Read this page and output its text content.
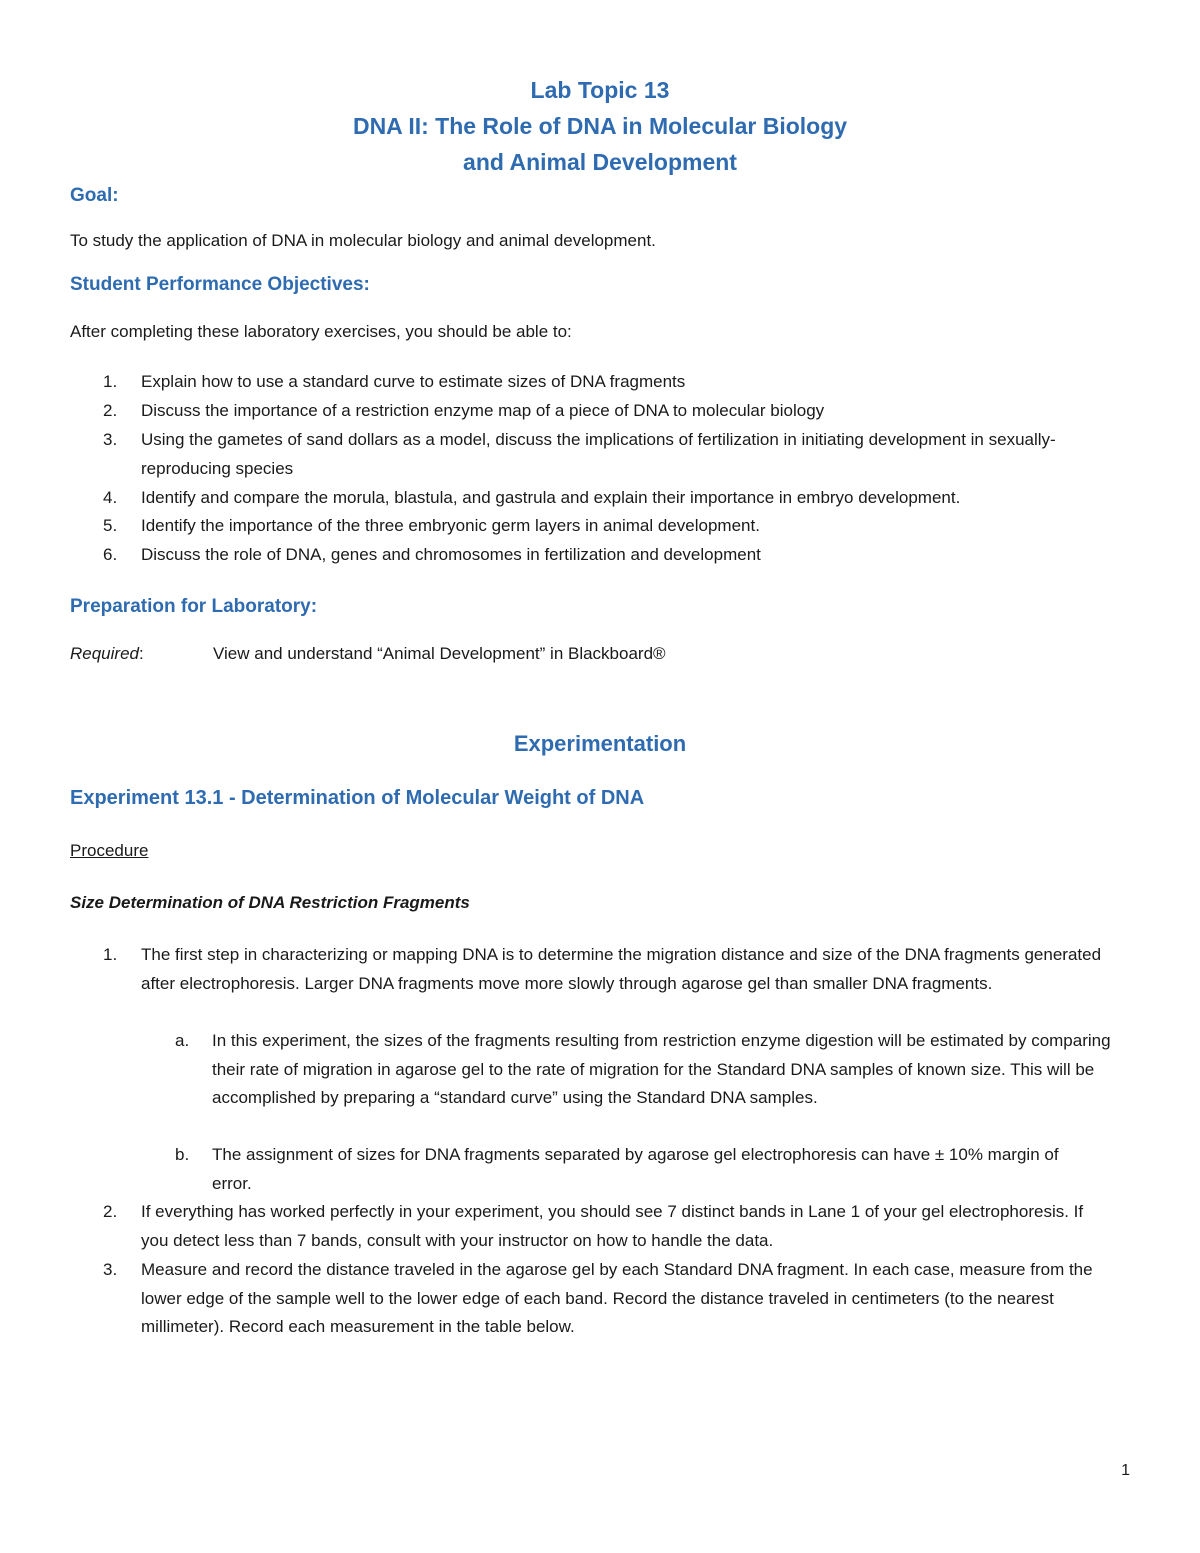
Lab Topic 13
DNA II: The Role of DNA in Molecular Biology
and Animal Development
Goal:
To study the application of DNA in molecular biology and animal development.
Student Performance Objectives:
After completing these laboratory exercises, you should be able to:
1.	Explain how to use a standard curve to estimate sizes of DNA fragments
2.	Discuss the importance of a restriction enzyme map of a piece of DNA to molecular biology
3.	Using the gametes of sand dollars as a model, discuss the implications of fertilization in initiating development in sexually-reproducing species
4.	Identify and compare the morula, blastula, and gastrula and explain their importance in embryo development.
5.	Identify the importance of the three embryonic germ layers in animal development.
6.	Discuss the role of DNA, genes and chromosomes in fertilization and development
Preparation for Laboratory:
Required:	View and understand “Animal Development” in Blackboard®
Experimentation
Experiment 13.1 - Determination of Molecular Weight of DNA
Procedure
Size Determination of DNA Restriction Fragments
1.	The first step in characterizing or mapping DNA is to determine the migration distance and size of the DNA fragments generated after electrophoresis. Larger DNA fragments move more slowly through agarose gel than smaller DNA fragments.
a. In this experiment, the sizes of the fragments resulting from restriction enzyme digestion will be estimated by comparing their rate of migration in agarose gel to the rate of migration for the Standard DNA samples of known size. This will be accomplished by preparing a “standard curve” using the Standard DNA samples.
b. The assignment of sizes for DNA fragments separated by agarose gel electrophoresis can have ± 10% margin of error.
2.	If everything has worked perfectly in your experiment, you should see 7 distinct bands in Lane 1 of your gel electrophoresis. If you detect less than 7 bands, consult with your instructor on how to handle the data.
3.	Measure and record the distance traveled in the agarose gel by each Standard DNA fragment. In each case, measure from the lower edge of the sample well to the lower edge of each band. Record the distance traveled in centimeters (to the nearest millimeter). Record each measurement in the table below.
1
